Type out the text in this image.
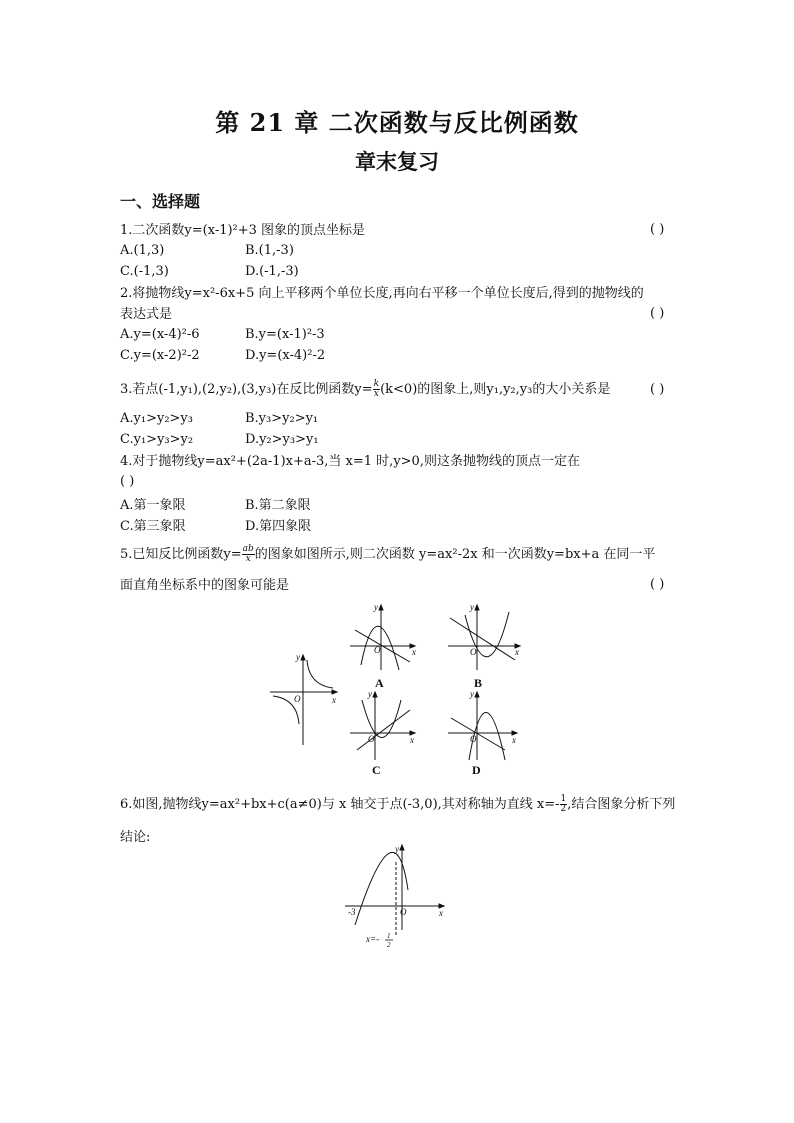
第 21 章 二次函数与反比例函数
章末复习
一、选择题
1.二次函数y=(x-1)²+3 图象的顶点坐标是	( )
A.(1,3)	B.(1,-3)
C.(-1,3)	D.(-1,-3)
2.将抛物线y=x²-6x+5 向上平移两个单位长度,再向右平移一个单位长度后,得到的抛物线的
表达式是	( )
A.y=(x-4)²-6	B.y=(x-1)²-3
C.y=(x-2)²-2	D.y=(x-4)²-2
3.若点(-1,y₁),(2,y₂),(3,y₃)在反比例函数$y= \frac{k}{x} (k<0)$的图象上,则y₁,y₂,y₃的大小关系是	( )
A.y₁>y₂>y₃	B.y₃>y₂>y₁
C.y₁>y₃>y₂	D.y₂>y₃>y₁
4.对于抛物线y=ax²+(2a-1)x+a-3,当 x=1 时,y>0,则这条抛物线的顶点一定在
( )
A.第一象限	B.第二象限
C.第三象限	D.第四象限
5.已知反比例函数$y= \frac{ab}{x}$ 的图象如图所示,则二次函数 y=ax²-2x 和一次函数y=bx+a 在同一平
面直角坐标系中的图象可能是	( )
y
x
O
y
x
O
y
x
O
y
x
O
y
x
O
A	B
C	D
6.如图,抛物线y=ax²+bx+c(a≠0)与 x 轴交于点(-3,0),其对称轴为直线 $x=- \frac{1}{2}$ ,结合图象分析下列
结论:
y
x
O
-3
x=- 1
2
